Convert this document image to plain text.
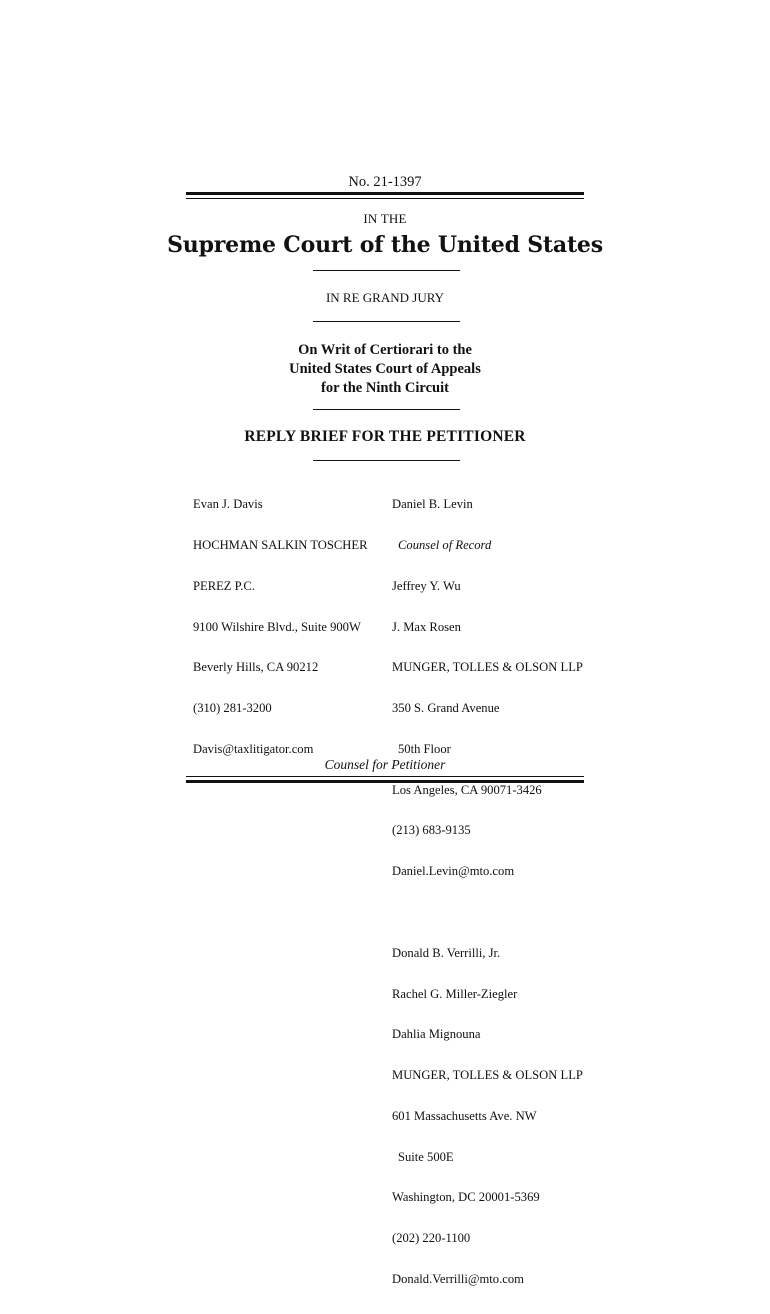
No. 21-1397
IN THE
Supreme Court of the United States
IN RE GRAND JURY
On Writ of Certiorari to the
United States Court of Appeals
for the Ninth Circuit
REPLY BRIEF FOR THE PETITIONER

Evan J. Davis

HOCHMAN SALKIN TOSCHER

PEREZ P.C.

9100 Wilshire Blvd., Suite 900W

Beverly Hills, CA 90212

(310) 281-3200

Davis@taxlitigator.com

Daniel B. Levin

Counsel of Record

Jeffrey Y. Wu

J. Max Rosen

MUNGER, TOLLES & OLSON LLP

350 S. Grand Avenue

50th Floor

Los Angeles, CA 90071-3426

(213) 683-9135

Daniel.Levin@mto.com

Donald B. Verrilli, Jr.

Rachel G. Miller-Ziegler

Dahlia Mignouna

MUNGER, TOLLES & OLSON LLP

601 Massachusetts Ave. NW

Suite 500E

Washington, DC 20001-5369

(202) 220-1100

Donald.Verrilli@mto.com

Counsel for Petitioner
